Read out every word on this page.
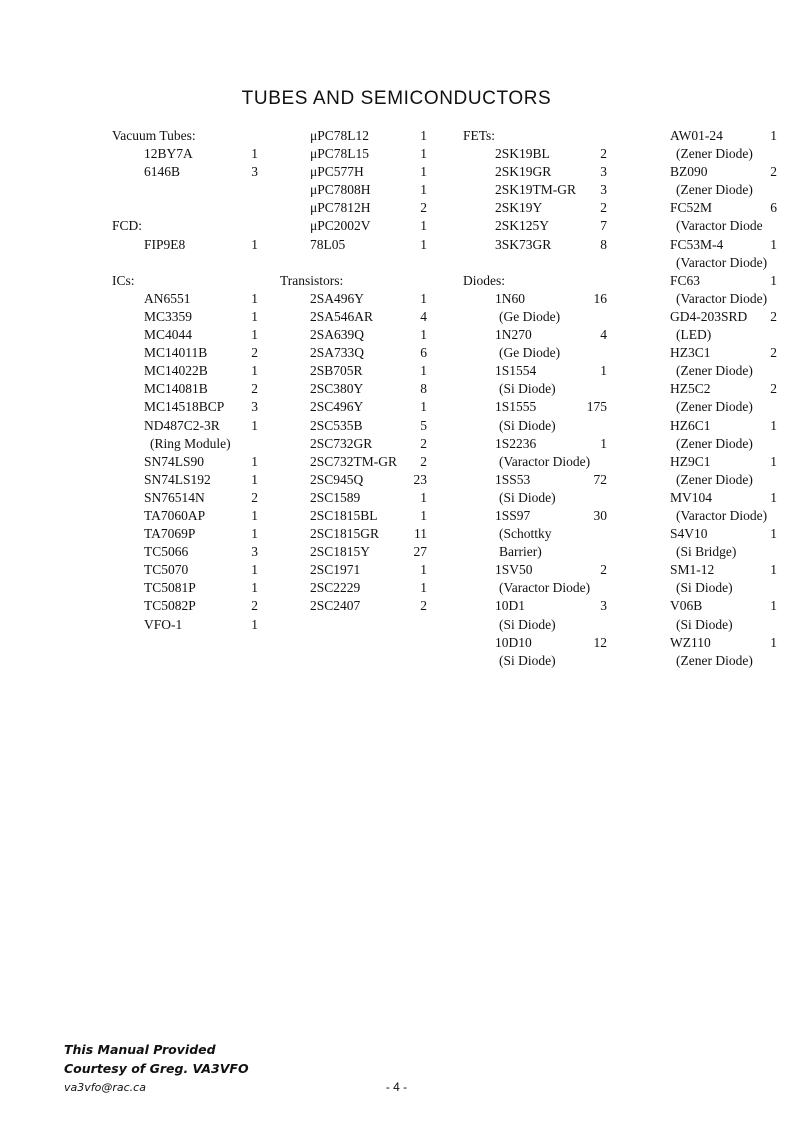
TUBES AND SEMICONDUCTORS
Vacuum Tubes:
12BY7A	1
6146B	3
FCD:
FIP9E8	1
ICs:
AN6551	1
MC3359	1
MC4044	1
MC14011B	2
MC14022B	1
MC14081B	2
MC14518BCP	3
ND487C2-3R	1
(Ring Module)
SN74LS90	1
SN74LS192	1
SN76514N	2
TA7060AP	1
TA7069P	1
TC5066	3
TC5070	1
TC5081P	1
TC5082P	2
VFO-1	1
μPC78L12	1
μPC78L15	1
μPC577H	1
μPC7808H	1
μPC7812H	2
μPC2002V	1
78L05	1
Transistors:
2SA496Y	1
2SA546AR	4
2SA639Q	1
2SA733Q	6
2SB705R	1
2SC380Y	8
2SC496Y	1
2SC535B	5
2SC732GR	2
2SC732TM-GR	2
2SC945Q	23
2SC1589	1
2SC1815BL	1
2SC1815GR	11
2SC1815Y	27
2SC1971	1
2SC2229	1
2SC2407	2
FETs:
2SK19BL	2
2SK19GR	3
2SK19TM-GR	3
2SK19Y	2
2SK125Y	7
3SK73GR	8
Diodes:
1N60	16
(Ge Diode)
1N270	4
(Ge Diode)
1S1554	1
(Si Diode)
1S1555	175
(Si Diode)
1S2236	1
(Varactor Diode)
1SS53	72
(Si Diode)
1SS97	30
(Schottky
Barrier)
1SV50	2
(Varactor Diode)
10D1	3
(Si Diode)
10D10	12
(Si Diode)
AW01-24	1
(Zener Diode)
BZ090	2
(Zener Diode)
FC52M	6
(Varactor Diode
FC53M-4	1
(Varactor Diode)
FC63	1
(Varactor Diode)
GD4-203SRD	2
(LED)
HZ3C1	2
(Zener Diode)
HZ5C2	2
(Zener Diode)
HZ6C1	1
(Zener Diode)
HZ9C1	1
(Zener Diode)
MV104	1
(Varactor Diode)
S4V10	1
(Si Bridge)
SM1-12	1
(Si Diode)
V06B	1
(Si Diode)
WZ110	1
(Zener Diode)
This Manual Provided
Courtesy of Greg. VA3VFO
va3vfo@rac.ca	- 4 -
